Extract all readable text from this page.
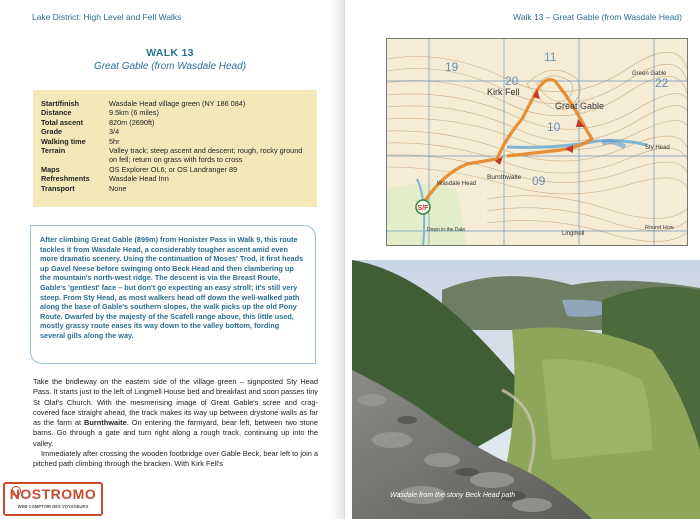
Lake District: High Level and Fell Walks
WALK 13
Great Gable (from Wasdale Head)
Start/finish	Wasdale Head village green (NY 186 084)
Distance	9.5km (6 miles)
Total ascent	820m (2690ft)
Grade	3/4
Walking time	5hr
Terrain	Valley track; steep ascent and descent; rough, rocky ground on fell; return on grass with fords to cross
Maps	OS Explorer OL6; or OS Landranger 89
Refreshments	Wasdale Head Inn
Transport	None
After climbing Great Gable (899m) from Honister Pass in Walk 9, this route tackles it from Wasdale Head, a considerably tougher ascent amid even more dramatic scenery. Using the continuation of Moses' Trod, it first heads up Gavel Neese before swinging onto Beck Head and then clambering up the mountain's north-west ridge. The descent is via the Breast Route, Gable's 'gentlest' face – but don't go expecting an easy stroll; it's still very steep. From Sty Head, as most walkers head off down the well-walked path along the base of Gable's southern slopes, the walk picks up the old Pony Route. Dwarfed by the majesty of the Scafell range above, this little used, mostly grassy route eases its way down to the valley bottom, fording several gills along the way.

Take the bridleway on the eastern side of the village green – signposted Sty Head Pass. It starts just to the left of Lingmell House bed and breakfast and soon passes tiny St Olaf's Church. With the mesmerising image of Great Gable's scree and crag-covered face straight ahead, the track makes its way up between drystone walls as far as the farm at Burnthwaite. On entering the farmyard, bear left, between two stone barns. Go through a gate and turn right along a rough track, continuing up into the valley.

Immediately after crossing the wooden footbridge over Gable Beck, bear left to join a pitched path climbing through the bracken. With Kirk Fell's

NOSTROMO
WEB COMPTOIR DES VOYAGEURS
Walk 13 – Great Gable (from Wasdale Head)
S/F
19
20
11
10
09
22
Kirk Fell
Great Gable
Green Gable
Burnthwaite
Wasdale Head
Down in the Dale
Lingmell
Sty Head
Round How
Wasdale from the stony Beck Head path
